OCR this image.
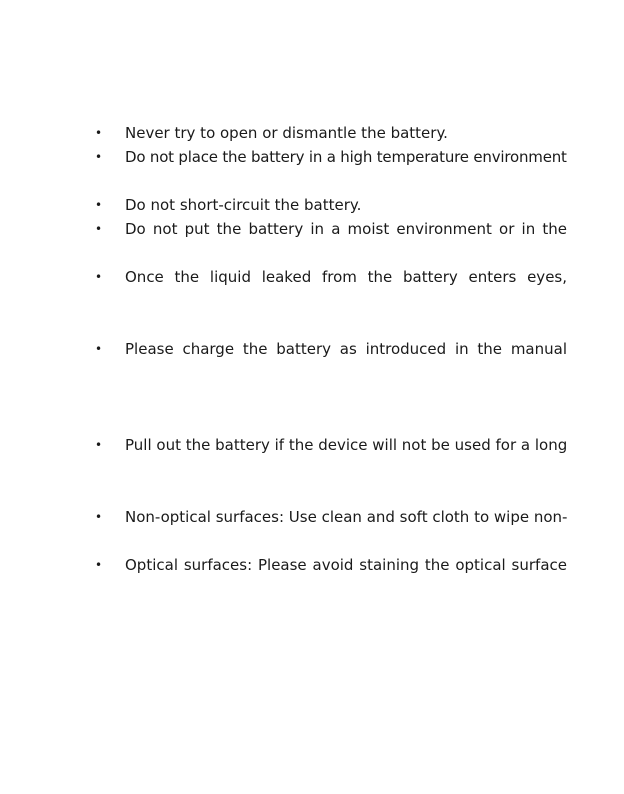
• Never try to open or dismantle the battery.
• Do not place the battery in a high temperature environment
• Do not short-circuit the battery.
• Do not put the battery in a moist environment or in the
• Once the liquid leaked from the battery enters eyes,
• Please charge the battery as introduced in the manual
• Pull out the battery if the device will not be used for a long
• Non-optical surfaces: Use clean and soft cloth to wipe non-
• Optical surfaces: Please avoid staining the optical surface
